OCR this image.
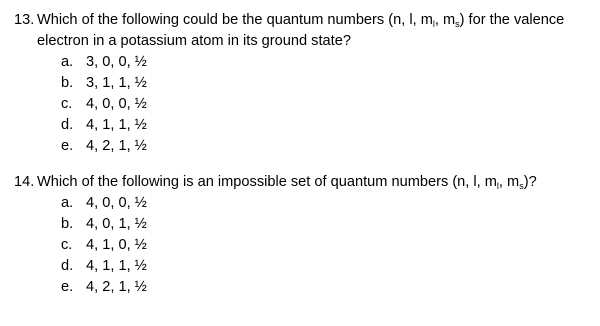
13. Which of the following could be the quantum numbers (n, l, $m_l$, $m_s$) for the valence electron in a potassium atom in its ground state?

a. 3, 0, 0, ½
b. 3, 1, 1, ½
c. 4, 0, 0, ½
d. 4, 1, 1, ½
e. 4, 2, 1, ½

14. Which of the following is an impossible set of quantum numbers (n, l, $m_l$, $m_s$)?

a. 4, 0, 0, ½
b. 4, 0, 1, ½
c. 4, 1, 0, ½
d. 4, 1, 1, ½
e. 4, 2, 1, ½
